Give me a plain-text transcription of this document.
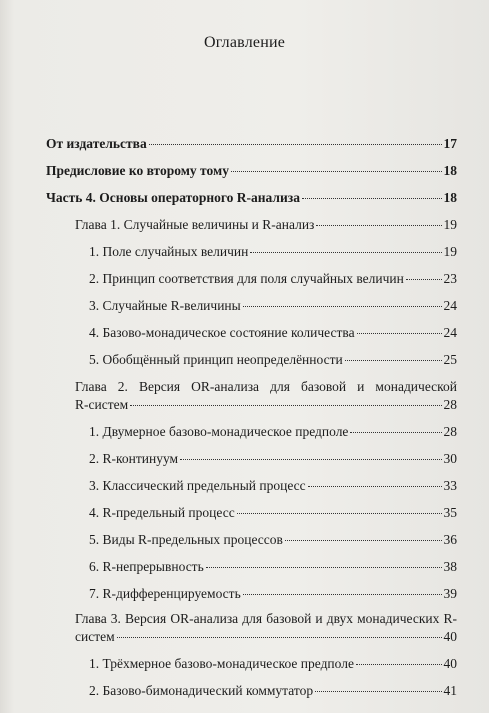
Оглавление
От издательства	17
Предисловие ко второму тому	18
Часть 4. Основы операторного R-анализа	18
Глава 1. Случайные величины и R-анализ	19
1. Поле случайных величин	19
2. Принцип соответствия для поля случайных величин	23
3. Случайные R-величины	24
4. Базово-монадическое состояние количества	24
5. Обобщённый принцип неопределённости	25
Глава 2. Версия OR-анализа для базовой и монадической
R-систем	28
1. Двумерное базово-монадическое предполе	28
2. R-континуум	30
3. Классический предельный процесс	33
4. R-предельный процесс	35
5. Виды R-предельных процессов	36
6. R-непрерывность	38
7. R-дифференцируемость	39
Глава 3. Версия OR-анализа для базовой и двух монадических R-
систем	40
1. Трёхмерное базово-монадическое предполе	40
2. Базово-бимонадический коммутатор	41
